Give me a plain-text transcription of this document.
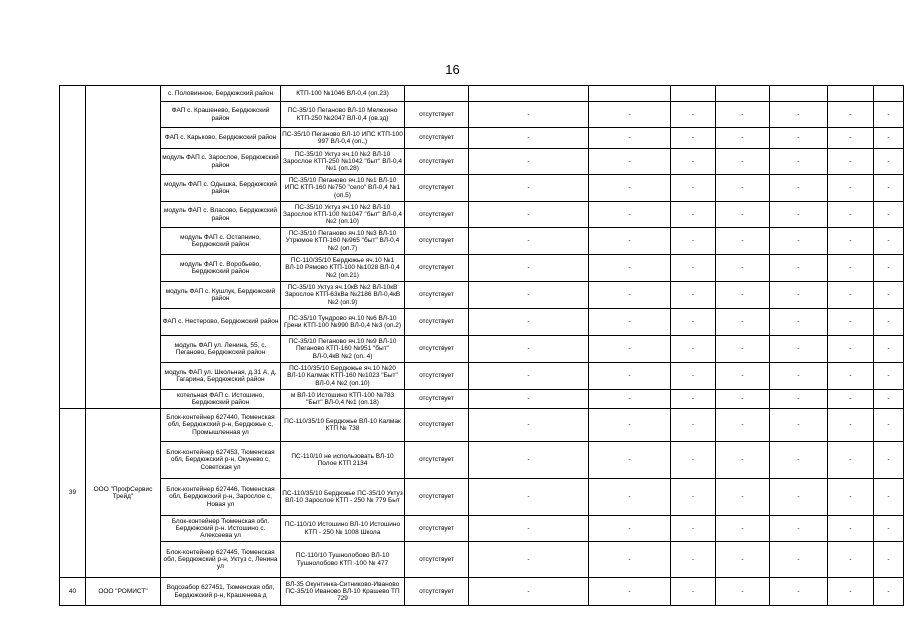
16
		с. Половинное, Бердюжский район	КТП-100 №1046 ВЛ-0,4 (оп.23)								
		ФАП с. Крашенево, Бердюжский район	ПС-35/10 Пеганово ВЛ-10 Мелехино КТП-250 №2047 ВЛ-0,4 (ов.зд)	отсутствует	-	-	-	-	-	-	-
		ФАП с. Карьково, Бердюжский район	ПС-35/10 Пеганово ВЛ-10 ИПС КТП-100 997 ВЛ-0,4 (оп.,)	отсутствует	-	-	-	-	-	-	-
		модуль ФАП с. Зарослое, Бердюжский район	ПС-35/10 Уктуз яч.10 №2 ВЛ-10 Зарослое КТП-250 №1042 "быт" ВЛ-0,4 №1 (оп.28)	отсутствует	-	-	-	-	-	-	-
		модуль ФАП с. Одышка, Бердюжский район	ПС-35/10 Пеганово яч.10 №1 ВЛ-10 ИПС КТП-160 №750 "село" ВЛ-0,4 №1 (оп.5)	отсутствует	-	-	-	-	-	-	-
		модуль ФАП с. Власово, Бердюжский район	ПС-35/10 Уктуз яч.10 №2 ВЛ-10 Зарослое КТП-100 №1047 "быт" ВЛ-0,4 №2 (оп.10)	отсутствует	-	-	-	-	-	-	-
		модуль ФАП с. Остапнино, Бердюжский район	ПС-35/10 Пеганово яч.10 №3 ВЛ-10 Утрюмое КТП-160 №965 "быт" ВЛ-0,4 №2 (оп.7)	отсутствует	-	-	-	-	-	-	-
		модуль ФАП с. Воробьево, Бердюжский район	ПС-110/35/10 Бердюжье яч.10 №1 ВЛ-10 Рямово КТП-100 №1028 ВЛ-0,4 №2 (оп.21)	отсутствует	-	-	-	-	-	-	-
		модуль ФАП с. Кушлук, Бердюжский район	ПС-35/10 Уктуз яч.10кВ №2 ВЛ-10кВ Зарослое КТП-63кВа №2186 ВЛ-0,4кВ №2 (оп.9)	отсутствует	-	-	-	-	-	-	-
		ФАП с. Нестерово, Бердюжский район	ПС-35/10 Тундрово яч.10 №6 ВЛ-10 Грени КТП-100 №990 ВЛ-0,4 №3 (оп.2)	отсутствует	-	-	-	-	-	-	-
		модуль ФАП ул. Ленина, 55, с. Пеганово, Бердюжский район	ПС-35/10 Пеганово яч.10 №9 ВЛ-10 Пеганово КТП-160 №951 "быт" ВЛ-0,4кВ №2 (оп. 4)	отсутствует	-	-	-	-	-	-	-
		модуль ФАП ул. Школьная, д.31 А, д. Гагарина, Бердюжский район	ПС-110/35/10 Бердюжье яч.10 №20 ВЛ-10 Калмак КТП-160 №1023 "Быт" ВЛ-0,4 №2 (оп.10)	отсутствует	-	-	-	-	-	-	-
		котельная ФАП с. Истошино, Бердюжский район	м ВЛ-10 Истошино КТП-100 №783 "Быт" ВЛ-0,4 №1 (оп.18)	отсутствует	-	-	-	-	-	-	-
39	ООО "ПрофСервис Трейд"	Блок-контейнер 627440, Тюменская обл, Бердюжский р-н, Бердюжье с, Промышленная ул	ПС-110/35/10 Бердюжье ВЛ-10 Калмак КТП № 738	отсутствует	-	-	-	-	-	-	-
		Блок-контейнер 627453, Тюменская обл, Бердюжский р-н, Окунево с, Советская ул	ПС-110/10 не использовать ВЛ-10 Полое КТП 2134	отсутствует	-	-	-	-	-	-	-
		Блок-контейнер 627446, Тюменская обл, Бердюжский р-н, Зарослое с, Новая ул	ПС-110/35/10 Бердюжье ПС-35/10 Уктуз ВЛ-10 Зарослое КТП - 250 № 779 Быт	отсутствует	-	-	-	-	-	-	-
		Блок-контейнер Тюменская обл. Бердюжский р-н. Истошино с. Алексеева ул	ПС-110/10 Истошино ВЛ-10 Истошино КТП - 250 № 1008 Школа	отсутствует	-	-	-	-	-	-	-
		Блок-контейнер 627445, Тюменская обл, Бердюжский р-н, Уктуз с, Ленина ул	ПС-110/10 Тушнолобово ВЛ-10 Тушнолобово КТП -100 № 477	отсутствует	-	-	-	-	-	-	-
40	ООО "РОМИСТ"	Водозабор 627451, Тюменская обл, Бердюжский р-н, Крашенева д	ВЛ-35 Окунтинка-Ситниково-Иваново ПС-35/10 Иваново ВЛ-10 Крашево ТП 729	отсутствует	-	-	-	-	-	-	-
